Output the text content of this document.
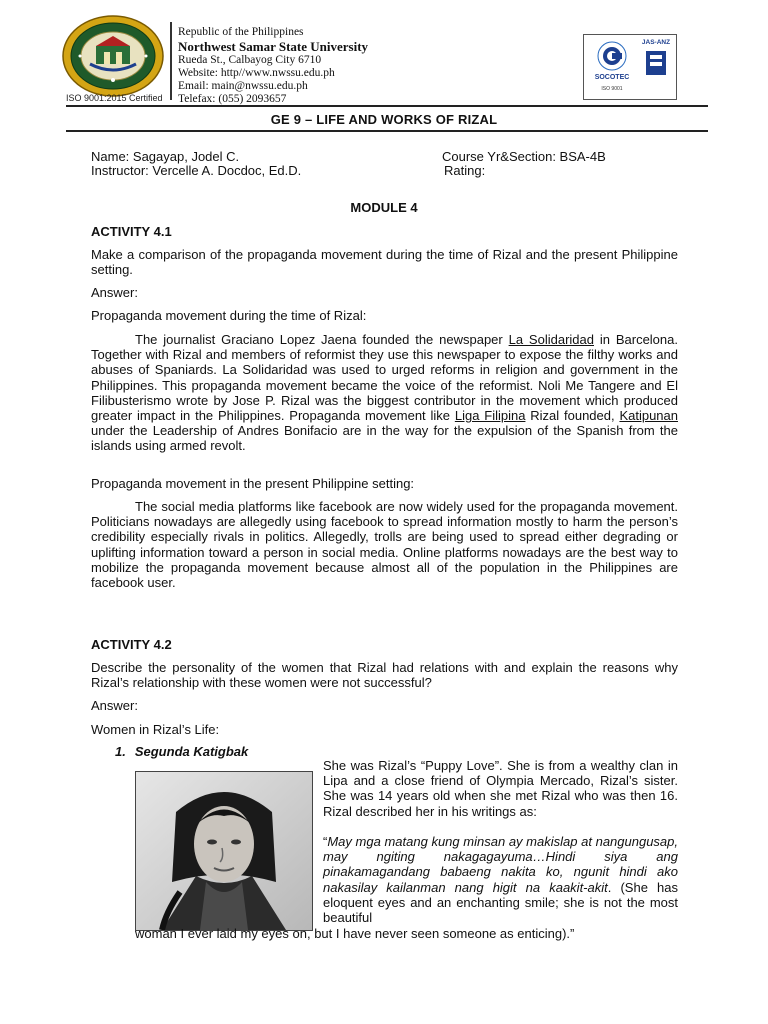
ISO 9001:2015 Certified
Republic of the Philippines
Northwest Samar State University
Rueda St., Calbayog City 6710
Website: http//www.nwssu.edu.ph
Email: main@nwssu.edu.ph
Telefax: (055) 2093657
SOCOTEC
ISO 9001
JAS-ANZ
GE 9 – LIFE AND WORKS OF RIZAL
Name: Sagayap, Jodel C.	Course Yr&Section: BSA-4B
Instructor: Vercelle A. Docdoc, Ed.D.	Rating:
MODULE 4
ACTIVITY 4.1

Make a comparison of the propaganda movement during the time of Rizal and the present Philippine setting.

Answer:

Propaganda movement during the time of Rizal:

The journalist Graciano Lopez Jaena founded the newspaper La Solidaridad in Barcelona. Together with Rizal and members of reformist they use this newspaper to expose the filthy works and abuses of Spaniards. La Solidaridad was used to urged reforms in religion and government in the Philippines. This propaganda movement became the voice of the reformist. Noli Me Tangere and El Filibusterismo wrote by Jose P. Rizal was the biggest contributor in the movement which produced greater impact in the Philippines. Propaganda movement like Liga Filipina Rizal founded, Katipunan under the Leadership of Andres Bonifacio are in the way for the expulsion of the Spanish from the islands using armed revolt.

Propaganda movement in the present Philippine setting:

The social media platforms like facebook are now widely used for the propaganda movement. Politicians nowadays are allegedly using facebook to spread information mostly to harm the person’s credibility especially rivals in politics. Allegedly, trolls are being used to spread either degrading or uplifting information toward a person in social media. Online platforms nowadays are the best way to mobilize the propaganda movement because almost all of the population in the Philippines are facebook user.

ACTIVITY 4.2

Describe the personality of the women that Rizal had relations with and explain the reasons why Rizal’s relationship with these women were not successful?

Answer:

Women in Rizal’s Life:

1. Segunda Katigbak

She was Rizal’s “Puppy Love”. She is from a wealthy clan in Lipa and a close friend of Olympia Mercado, Rizal’s sister. She was 14 years old when she met Rizal who was then 16. Rizal described her in his writings as:

“May mga matang kung minsan ay makislap at nangungusap, may ngiting nakagagayuma…Hindi siya ang pinakamagandang babaeng nakita ko, ngunit hindi ako nakasilay kailanman nang higit na kaakit-akit. (She has eloquent eyes and an enchanting smile; she is not the most beautiful

woman I ever laid my eyes on, but I have never seen someone as enticing).”
